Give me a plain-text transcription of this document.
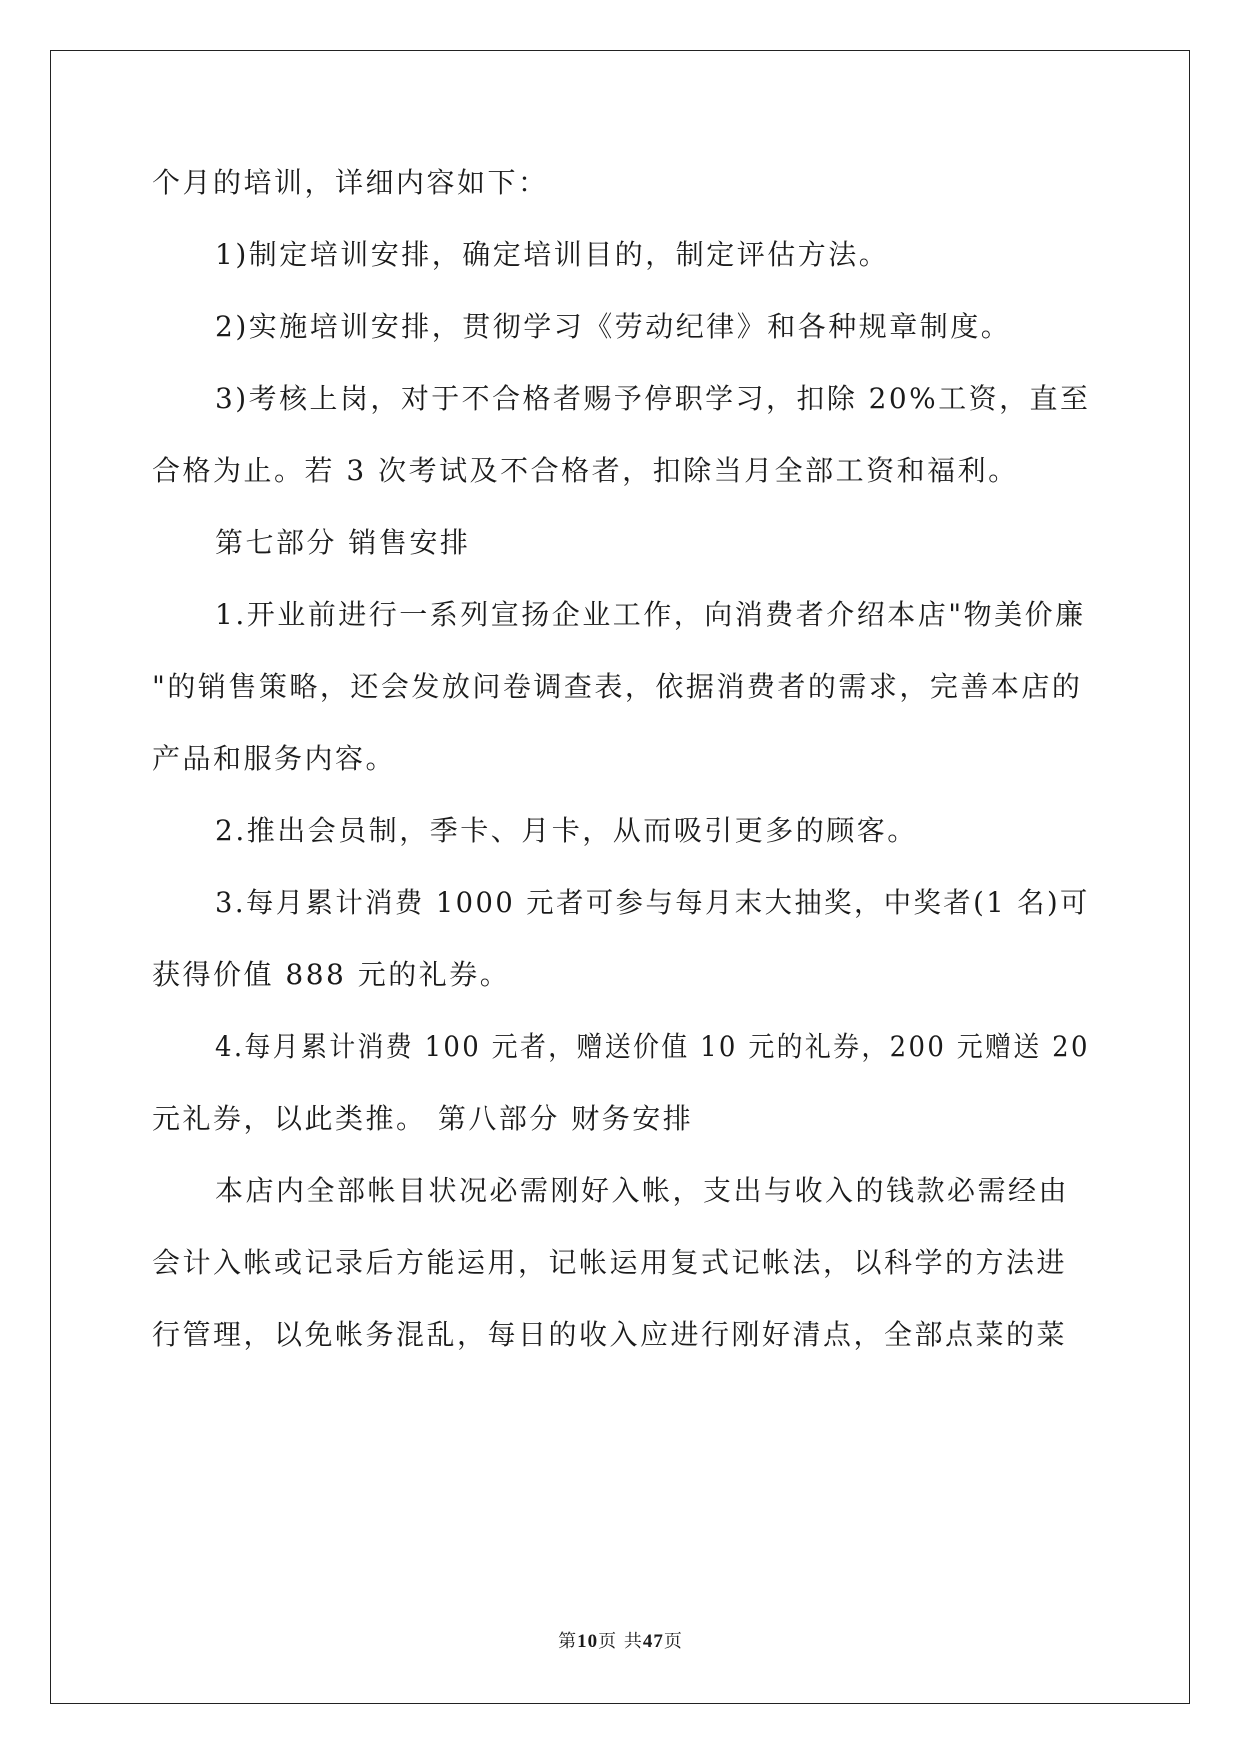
个月的培训，详细内容如下：
1)制定培训安排，确定培训目的，制定评估方法。
2)实施培训安排，贯彻学习《劳动纪律》和各种规章制度。
3)考核上岗，对于不合格者赐予停职学习，扣除 20%工资，直至
合格为止。若 3 次考试及不合格者，扣除当月全部工资和福利。
第七部分 销售安排
1.开业前进行一系列宣扬企业工作，向消费者介绍本店"物美价廉
"的销售策略，还会发放问卷调查表，依据消费者的需求，完善本店的
产品和服务内容。
2.推出会员制，季卡、月卡，从而吸引更多的顾客。
3.每月累计消费 1000 元者可参与每月末大抽奖，中奖者(1 名)可
获得价值 888 元的礼券。
4.每月累计消费 100 元者，赠送价值 10 元的礼券，200 元赠送 20
元礼券，以此类推。 第八部分 财务安排
本店内全部帐目状况必需刚好入帐，支出与收入的钱款必需经由
会计入帐或记录后方能运用，记帐运用复式记帐法，以科学的方法进
行管理，以免帐务混乱，每日的收入应进行刚好清点，全部点菜的菜
第10页 共47页
